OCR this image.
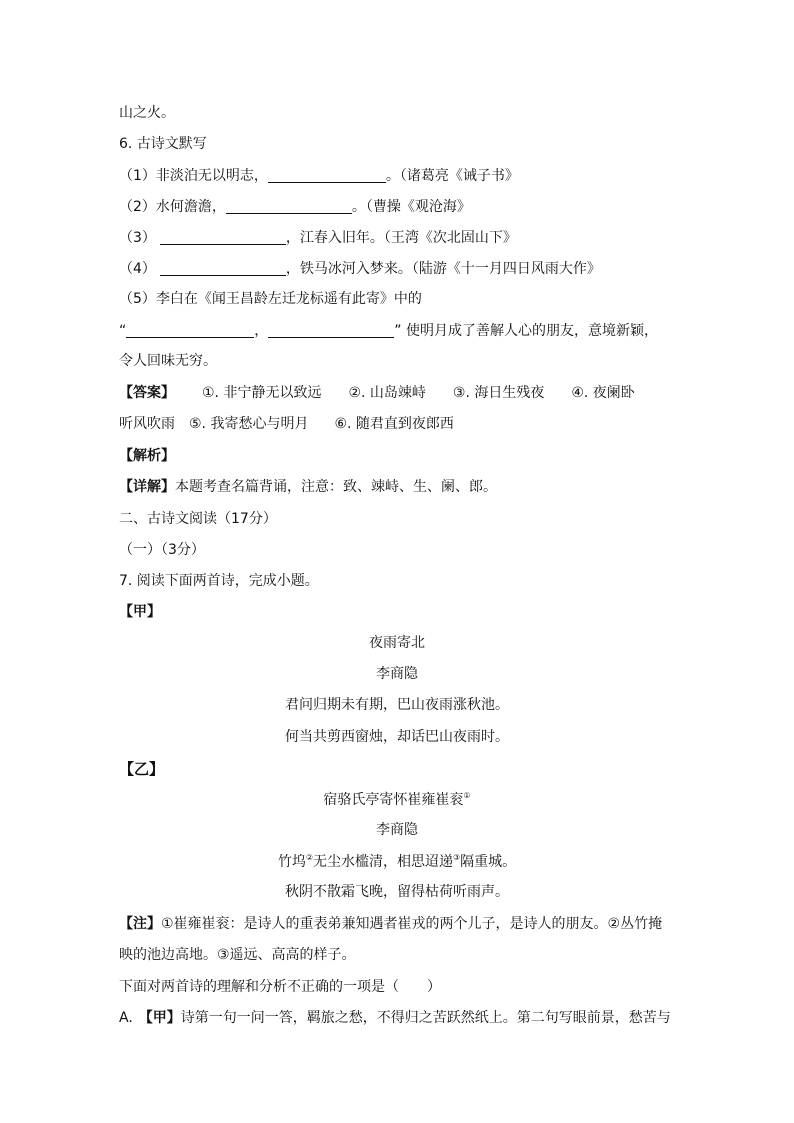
山之火。
6. 古诗文默写
（1）非淡泊无以明志，	。（诸葛亮《诫子书》
（2）水何澹澹，	。（曹操《观沧海》
（3）	，江春入旧年。（王湾《次北固山下》
（4）	，铁马冰河入梦来。（陆游《十一月四日风雨大作》
（5）李白在《闻王昌龄左迁龙标遥有此寄》中的
“	，	” 使明月成了善解人心的朋友，意境新颖，
令人回味无穷。
【答案】 ①. 非宁静无以致远 ②. 山岛竦峙 ③. 海日生残夜 ④. 夜阑卧
听风吹雨 ⑤. 我寄愁心与明月 ⑥. 随君直到夜郎西
【解析】
【详解】本题考查名篇背诵，注意：致、竦峙、生、阑、郎。
二、古诗文阅读（17分）
（一）（3分）
7. 阅读下面两首诗，完成小题。
【甲】
夜雨寄北
李商隐
君问归期未有期，巴山夜雨涨秋池。
何当共剪西窗烛，却话巴山夜雨时。
【乙】
宿骆氏亭寄怀崔雍崔衮①
李商隐
竹坞②无尘水槛清，相思迢递③隔重城。
秋阴不散霜飞晚，留得枯荷听雨声。
【注】①崔雍崔衮：是诗人的重表弟兼知遇者崔戎的两个儿子，是诗人的朋友。②丛竹掩
映的池边高地。③遥远、高高的样子。
下面对两首诗的理解和分析不正确的一项是（　　）
A. 【甲】诗第一句一问一答，羁旅之愁，不得归之苦跃然纸上。第二句写眼前景，愁苦与
